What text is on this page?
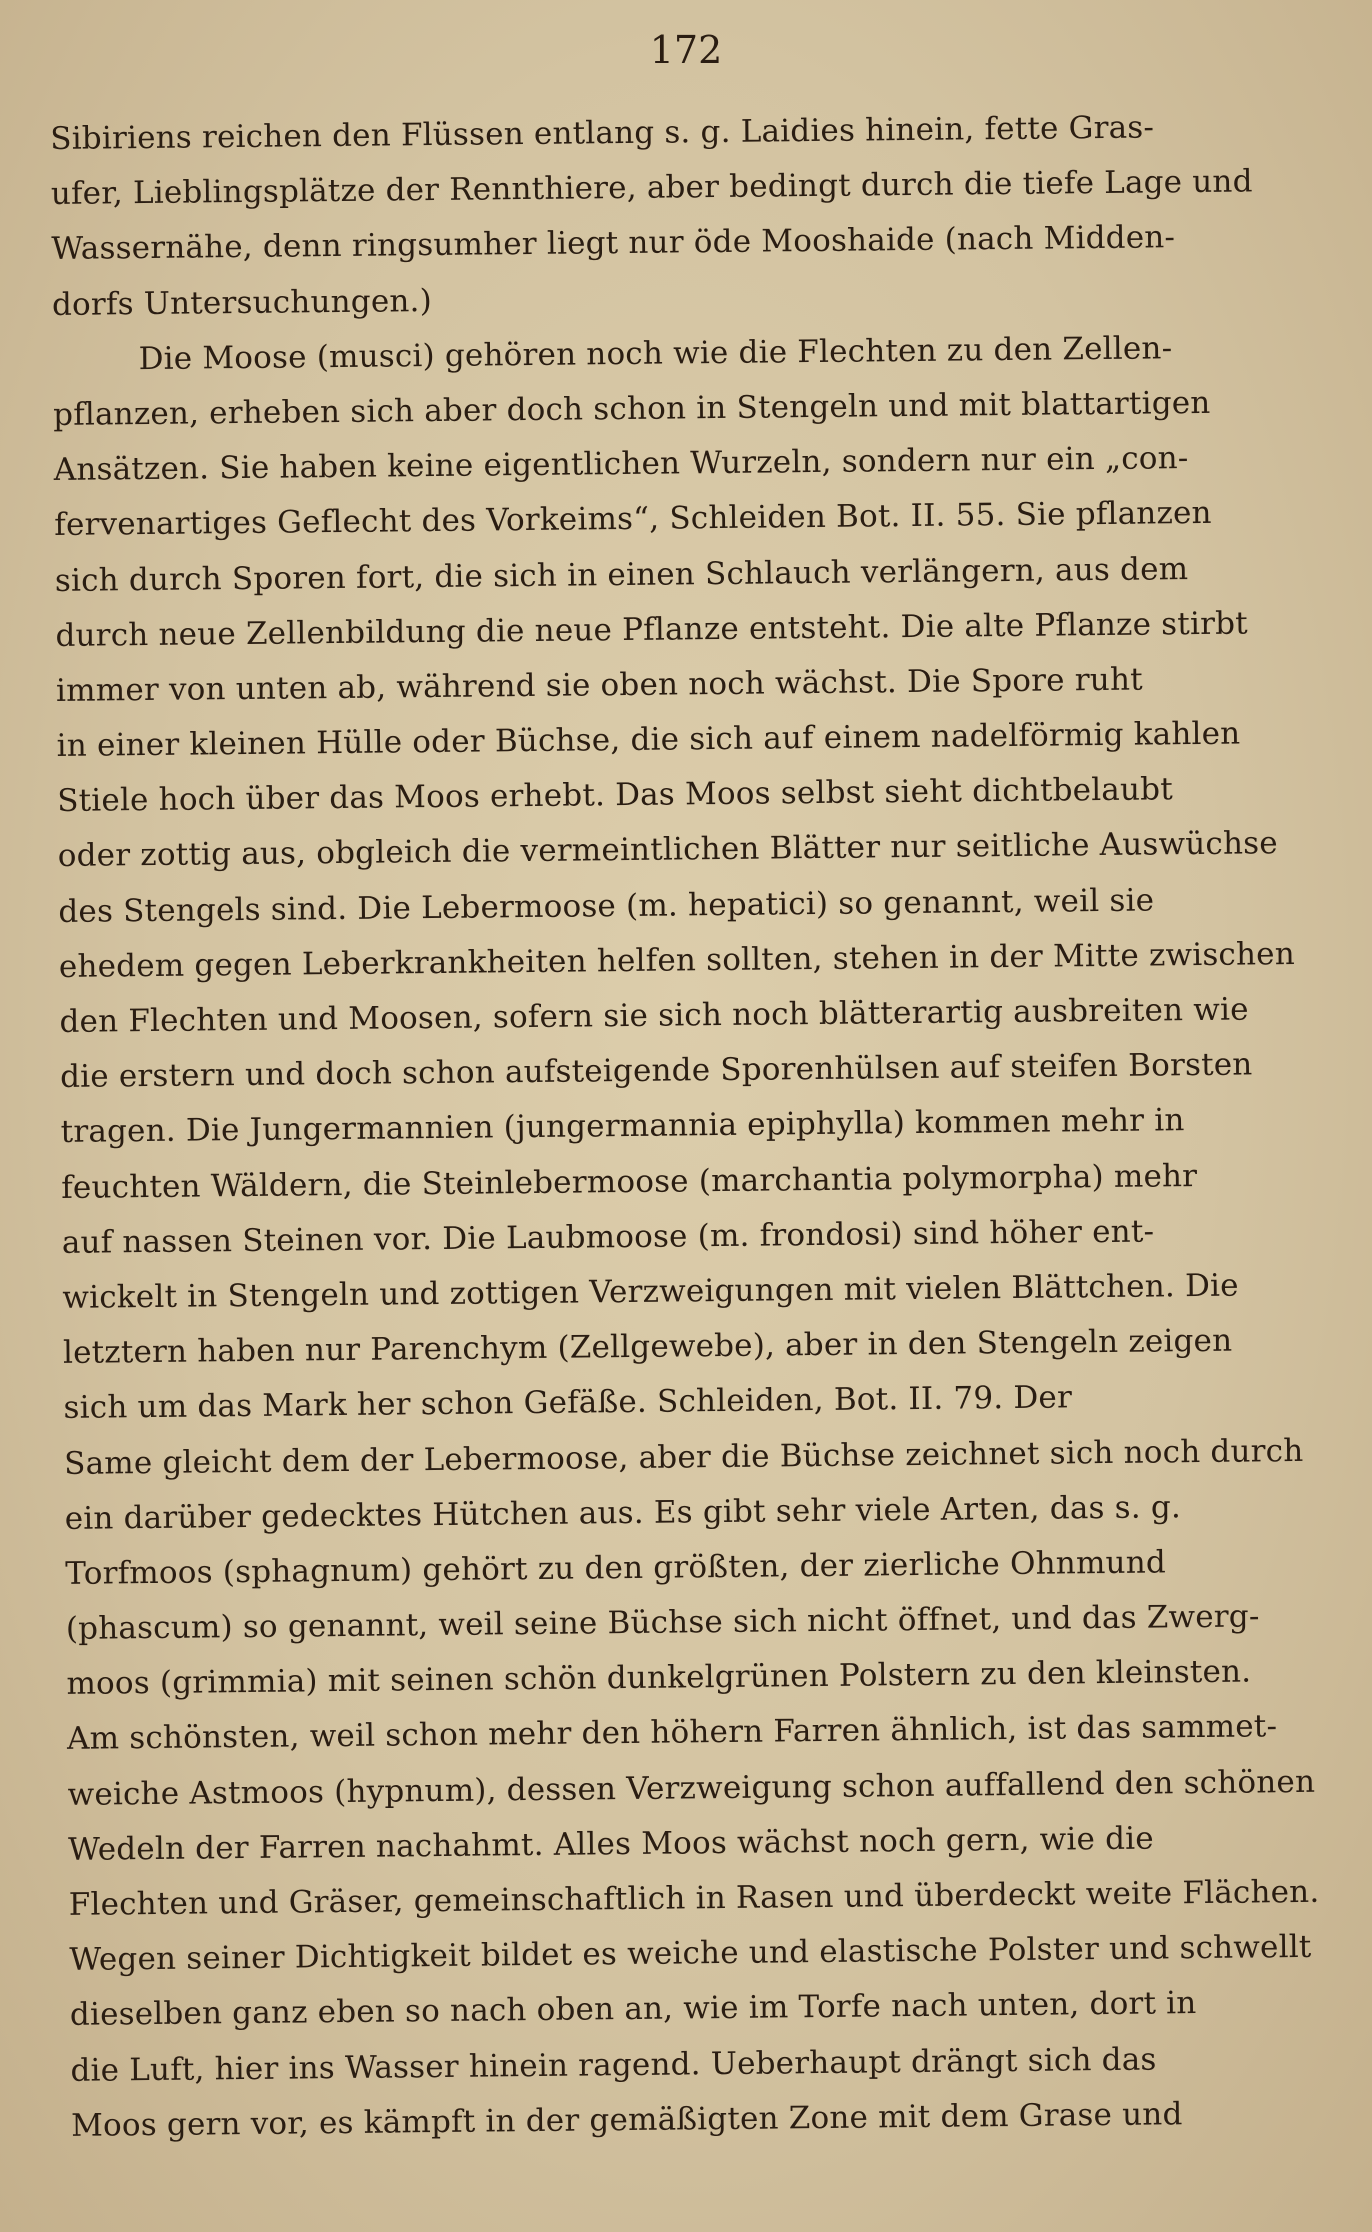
172
Sibiriens reichen den Flüssen entlang s. g. Laidies hinein, fette Gras-
ufer, Lieblingsplätze der Rennthiere, aber bedingt durch die tiefe Lage und
Wassernähe, denn ringsumher liegt nur öde Mooshaide (nach Midden-
dorfs Untersuchungen.)
Die Moose (musci) gehören noch wie die Flechten zu den Zellen-
pflanzen, erheben sich aber doch schon in Stengeln und mit blattartigen
Ansätzen. Sie haben keine eigentlichen Wurzeln, sondern nur ein „con-
fervenartiges Geflecht des Vorkeims“, Schleiden Bot. II. 55. Sie pflanzen
sich durch Sporen fort, die sich in einen Schlauch verlängern, aus dem
durch neue Zellenbildung die neue Pflanze entsteht. Die alte Pflanze stirbt
immer von unten ab, während sie oben noch wächst. Die Spore ruht
in einer kleinen Hülle oder Büchse, die sich auf einem nadelförmig kahlen
Stiele hoch über das Moos erhebt. Das Moos selbst sieht dichtbelaubt
oder zottig aus, obgleich die vermeintlichen Blätter nur seitliche Auswüchse
des Stengels sind. Die Lebermoose (m. hepatici) so genannt, weil sie
ehedem gegen Leberkrankheiten helfen sollten, stehen in der Mitte zwischen
den Flechten und Moosen, sofern sie sich noch blätterartig ausbreiten wie
die erstern und doch schon aufsteigende Sporenhülsen auf steifen Borsten
tragen. Die Jungermannien (jungermannia epiphylla) kommen mehr in
feuchten Wäldern, die Steinlebermoose (marchantia polymorpha) mehr
auf nassen Steinen vor. Die Laubmoose (m. frondosi) sind höher ent-
wickelt in Stengeln und zottigen Verzweigungen mit vielen Blättchen. Die
letztern haben nur Parenchym (Zellgewebe), aber in den Stengeln zeigen
sich um das Mark her schon Gefäße. Schleiden, Bot. II. 79. Der
Same gleicht dem der Lebermoose, aber die Büchse zeichnet sich noch durch
ein darüber gedecktes Hütchen aus. Es gibt sehr viele Arten, das s. g.
Torfmoos (sphagnum) gehört zu den größten, der zierliche Ohnmund
(phascum) so genannt, weil seine Büchse sich nicht öffnet, und das Zwerg-
moos (grimmia) mit seinen schön dunkelgrünen Polstern zu den kleinsten.
Am schönsten, weil schon mehr den höhern Farren ähnlich, ist das sammet-
weiche Astmoos (hypnum), dessen Verzweigung schon auffallend den schönen
Wedeln der Farren nachahmt. Alles Moos wächst noch gern, wie die
Flechten und Gräser, gemeinschaftlich in Rasen und überdeckt weite Flächen.
Wegen seiner Dichtigkeit bildet es weiche und elastische Polster und schwellt
dieselben ganz eben so nach oben an, wie im Torfe nach unten, dort in
die Luft, hier ins Wasser hinein ragend. Ueberhaupt drängt sich das
Moos gern vor, es kämpft in der gemäßigten Zone mit dem Grase und
